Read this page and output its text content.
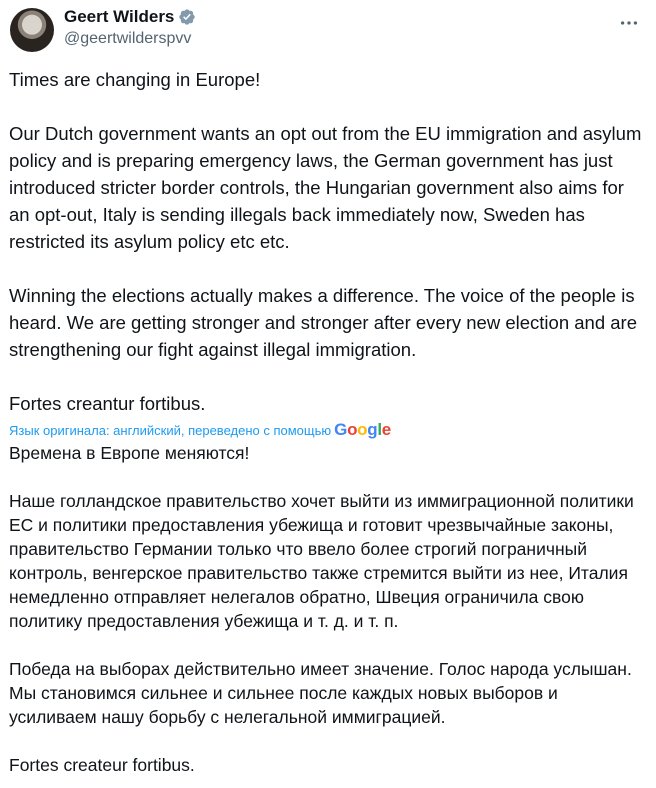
Geert Wilders
@geertwilderspvv

Times are changing in Europe!

Our Dutch government wants an opt out from the EU immigration and asylum policy and is preparing emergency laws, the German government has just introduced stricter border controls, the Hungarian government also aims for an opt-out, Italy is sending illegals back immediately now, Sweden has restricted its asylum policy etc etc.

Winning the elections actually makes a difference. The voice of the people is heard. We are getting stronger and stronger after every new election and are strengthening our fight against illegal immigration.

Fortes creantur fortibus.

Язык оригинала: английский, переведено с помощью Google

Времена в Европе меняются!

Наше голландское правительство хочет выйти из иммиграционной политики ЕС и политики предоставления убежища и готовит чрезвычайные законы, правительство Германии только что ввело более строгий пограничный контроль, венгерское правительство также стремится выйти из нее, Италия немедленно отправляет нелегалов обратно, Швеция ограничила свою политику предоставления убежища и т. д. и т. п.

Победа на выборах действительно имеет значение. Голос народа услышан. Мы становимся сильнее и сильнее после каждых новых выборов и усиливаем нашу борьбу с нелегальной иммиграцией.

Fortes createur fortibus.
